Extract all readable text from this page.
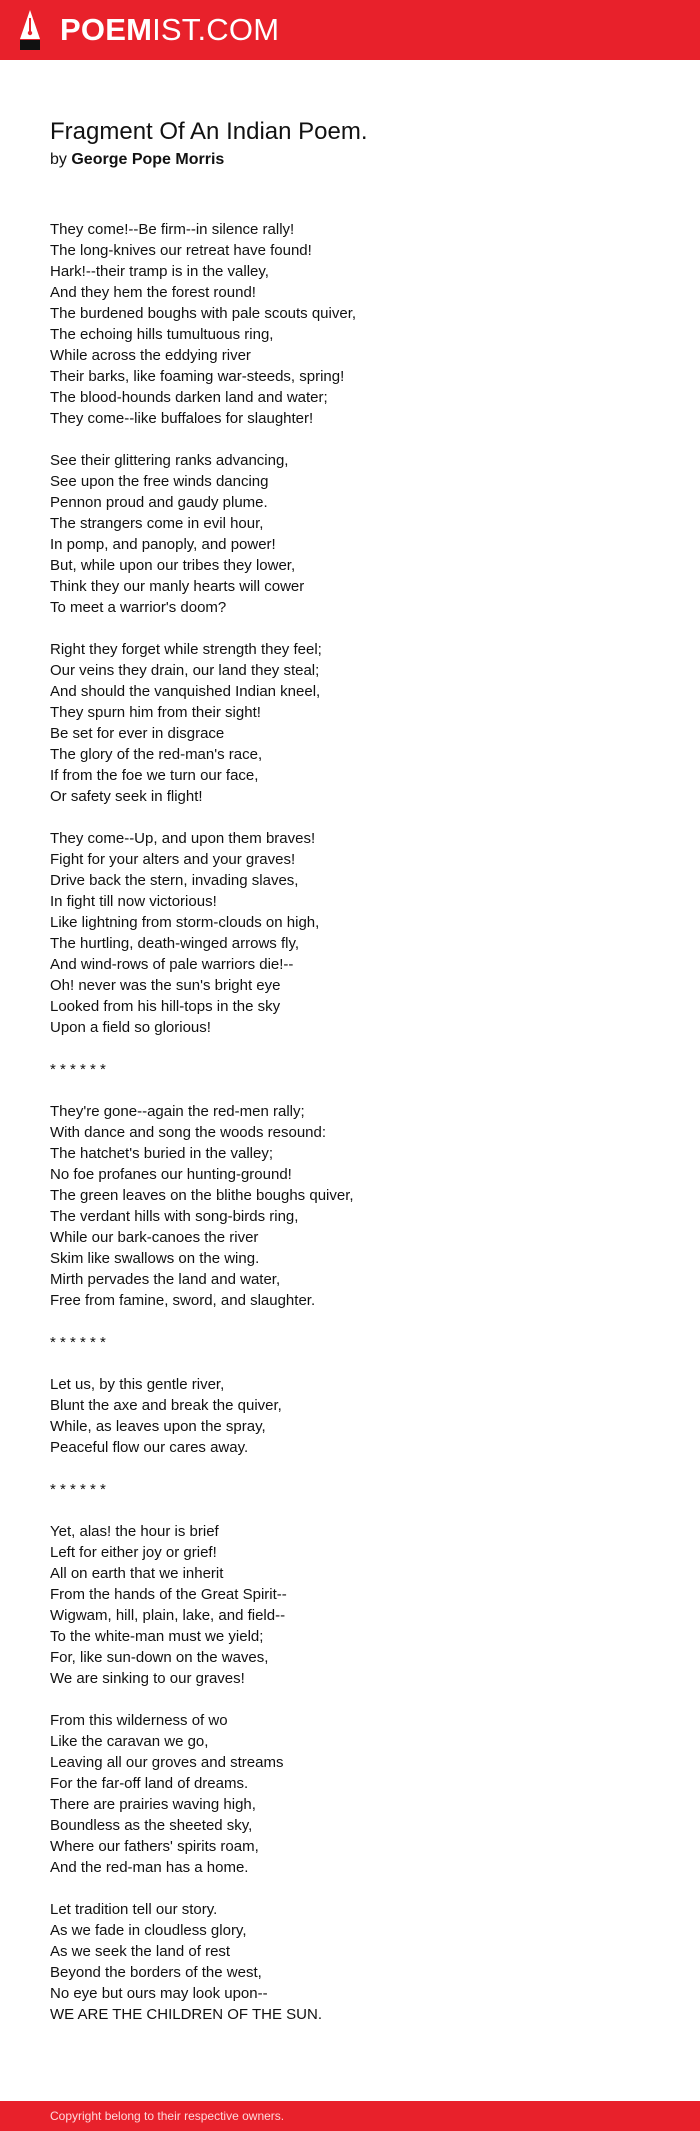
POEMIST.COM
Fragment Of An Indian Poem.
by George Pope Morris
They come!--Be firm--in silence rally!
The long-knives our retreat have found!
Hark!--their tramp is in the valley,
And they hem the forest round!
The burdened boughs with pale scouts quiver,
The echoing hills tumultuous ring,
While across the eddying river
Their barks, like foaming war-steeds, spring!
The blood-hounds darken land and water;
They come--like buffaloes for slaughter!
See their glittering ranks advancing,
See upon the free winds dancing
Pennon proud and gaudy plume.
The strangers come in evil hour,
In pomp, and panoply, and power!
But, while upon our tribes they lower,
Think they our manly hearts will cower
To meet a warrior's doom?
Right they forget while strength they feel;
Our veins they drain, our land they steal;
And should the vanquished Indian kneel,
They spurn him from their sight!
Be set for ever in disgrace
The glory of the red-man's race,
If from the foe we turn our face,
Or safety seek in flight!
They come--Up, and upon them braves!
Fight for your alters and your graves!
Drive back the stern, invading slaves,
In fight till now victorious!
Like lightning from storm-clouds on high,
The hurtling, death-winged arrows fly,
And wind-rows of pale warriors die!--
Oh! never was the sun's bright eye
Looked from his hill-tops in the sky
Upon a field so glorious!
* * * * * *
They're gone--again the red-men rally;
With dance and song the woods resound:
The hatchet's buried in the valley;
No foe profanes our hunting-ground!
The green leaves on the blithe boughs quiver,
The verdant hills with song-birds ring,
While our bark-canoes the river
Skim like swallows on the wing.
Mirth pervades the land and water,
Free from famine, sword, and slaughter.
* * * * * *
Let us, by this gentle river,
Blunt the axe and break the quiver,
While, as leaves upon the spray,
Peaceful flow our cares away.
* * * * * *
Yet, alas! the hour is brief
Left for either joy or grief!
All on earth that we inherit
From the hands of the Great Spirit--
Wigwam, hill, plain, lake, and field--
To the white-man must we yield;
For, like sun-down on the waves,
We are sinking to our graves!
From this wilderness of wo
Like the caravan we go,
Leaving all our groves and streams
For the far-off land of dreams.
There are prairies waving high,
Boundless as the sheeted sky,
Where our fathers' spirits roam,
And the red-man has a home.
Let tradition tell our story.
As we fade in cloudless glory,
As we seek the land of rest
Beyond the borders of the west,
No eye but ours may look upon--
WE ARE THE CHILDREN OF THE SUN.
Copyright belong to their respective owners.
